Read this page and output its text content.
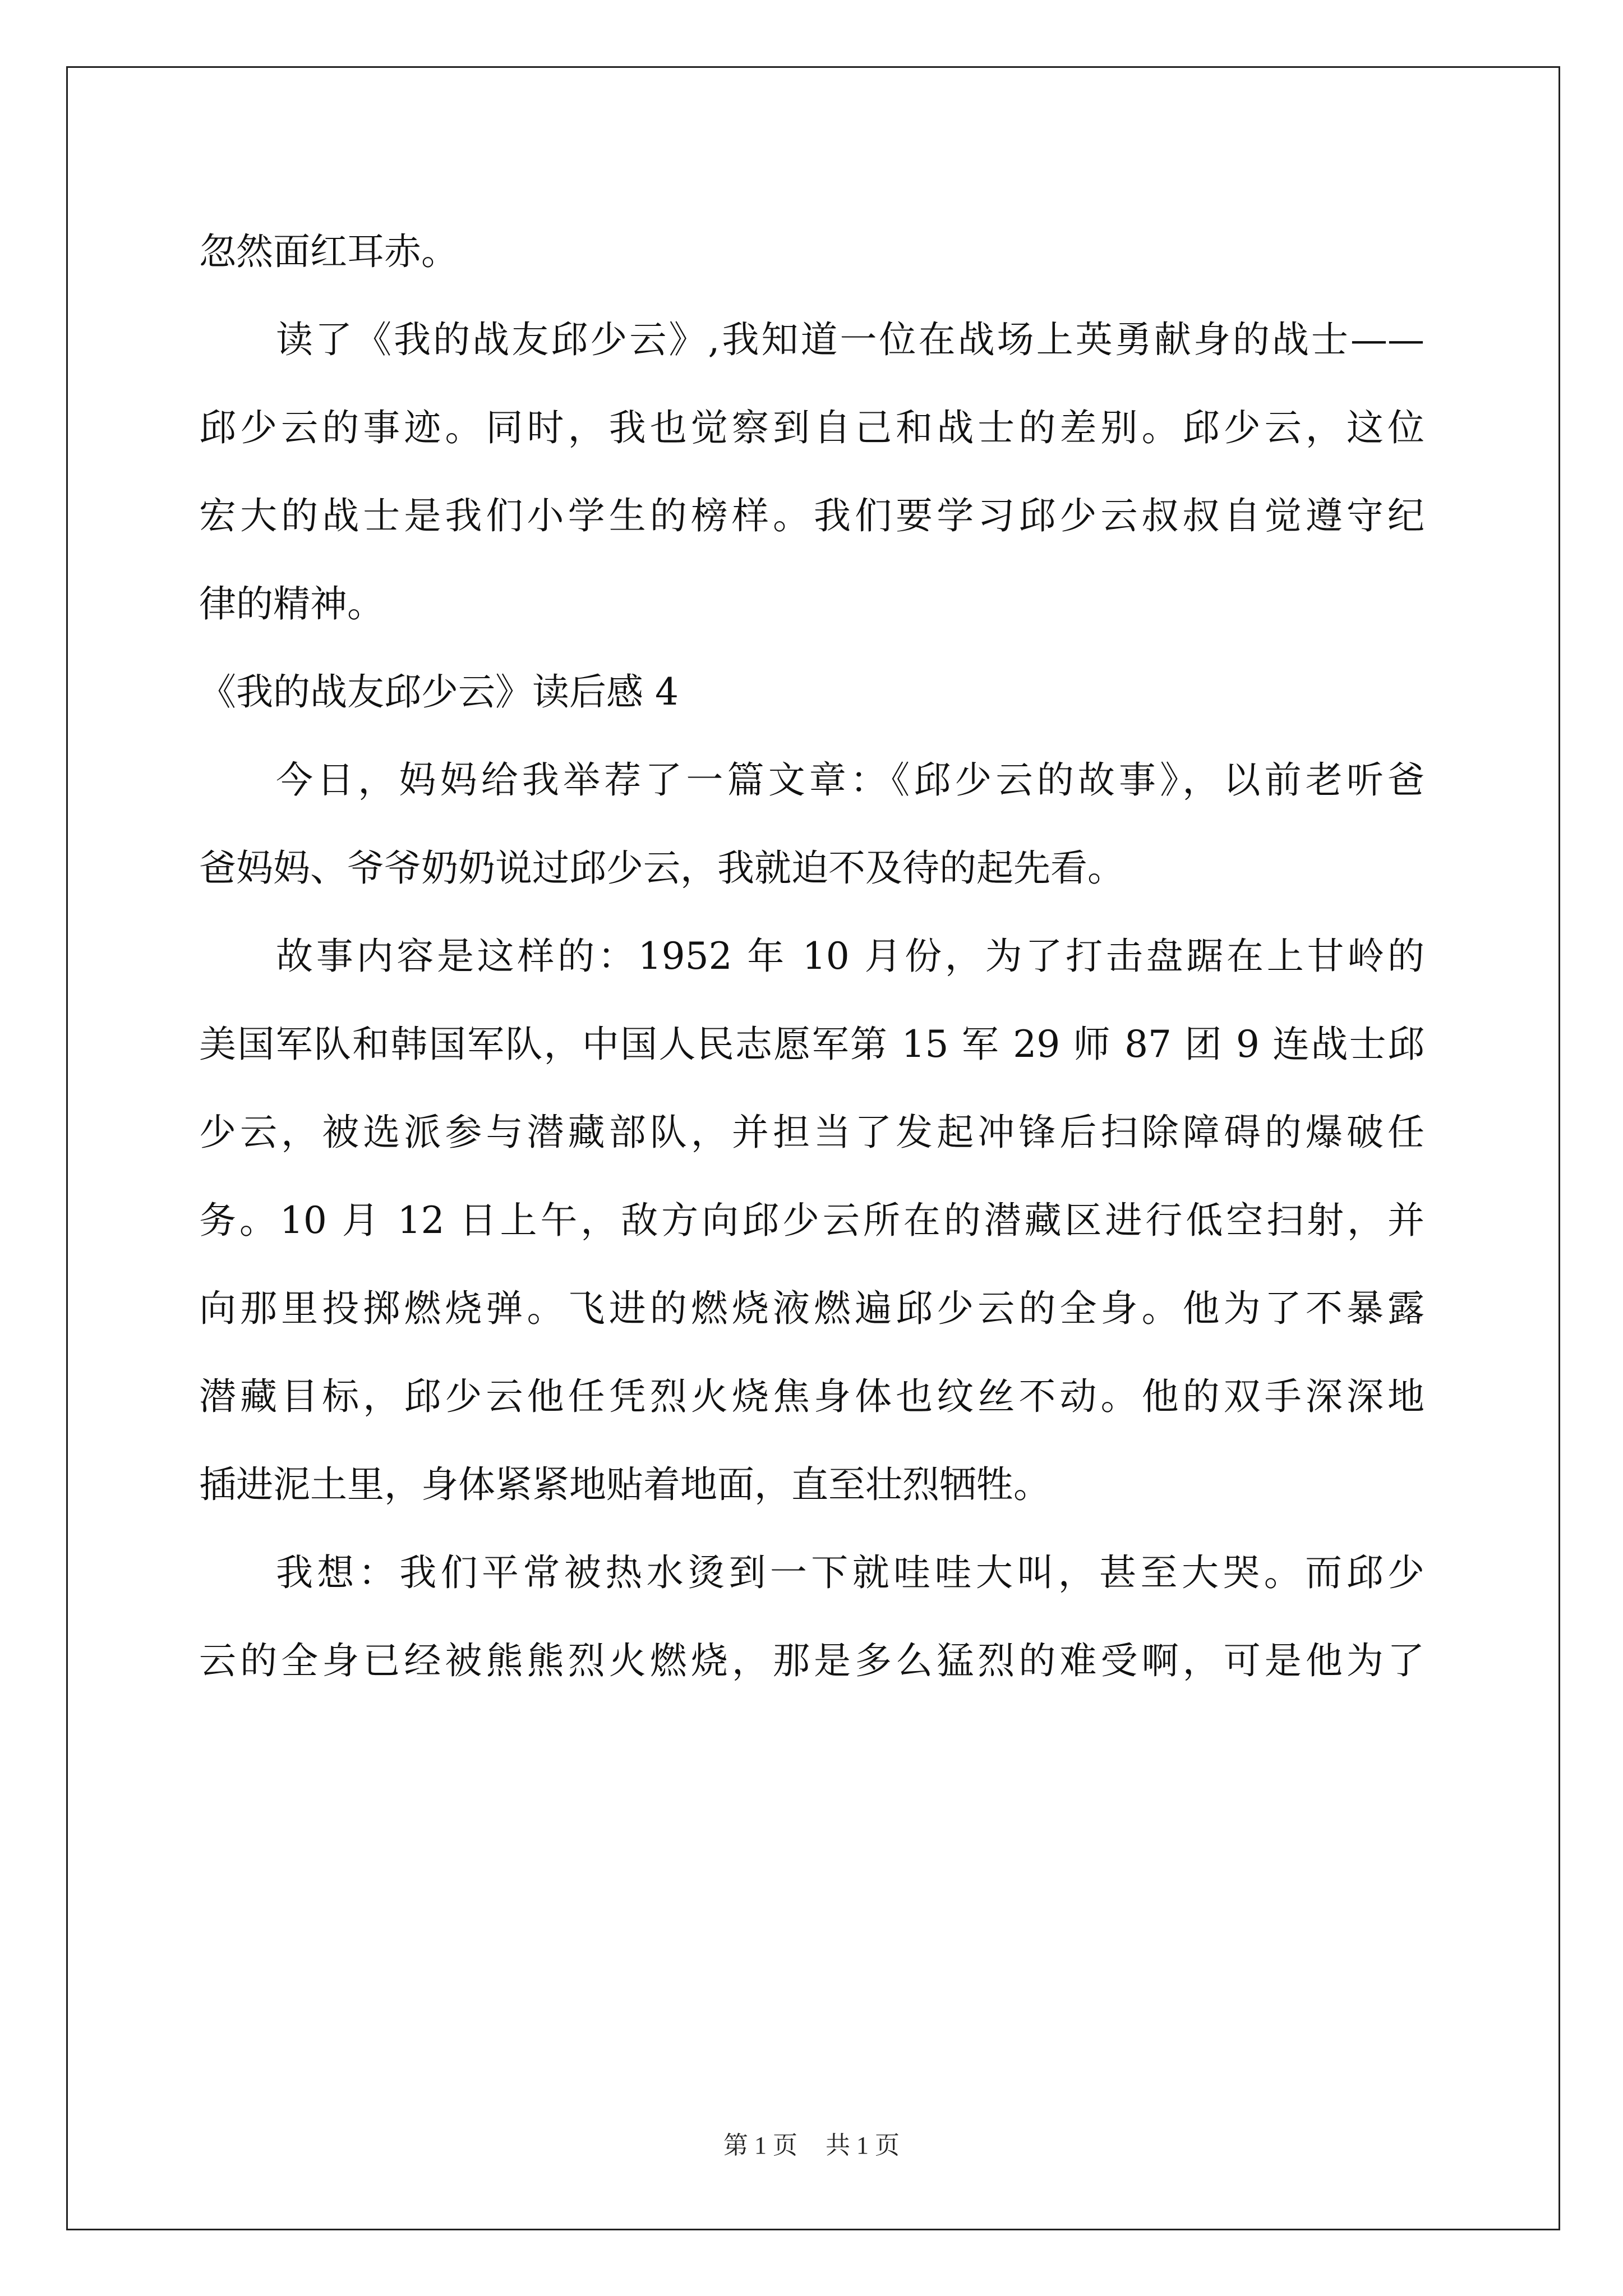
忽然面红耳赤。
读了《我的战友邱少云》,我知道一位在战场上英勇献身的战士——
邱少云的事迹。同时，我也觉察到自己和战士的差别。邱少云，这位
宏大的战士是我们小学生的榜样。我们要学习邱少云叔叔自觉遵守纪
律的精神。
《我的战友邱少云》读后感 4
今日，妈妈给我举荐了一篇文章：《邱少云的故事》，以前老听爸
爸妈妈、爷爷奶奶说过邱少云，我就迫不及待的起先看。
故事内容是这样的：1952 年 10 月份，为了打击盘踞在上甘岭的
美国军队和韩国军队，中国人民志愿军第 15 军 29 师 87 团 9 连战士邱
少云，被选派参与潜藏部队，并担当了发起冲锋后扫除障碍的爆破任
务。10 月 12 日上午，敌方向邱少云所在的潜藏区进行低空扫射，并
向那里投掷燃烧弹。飞进的燃烧液燃遍邱少云的全身。他为了不暴露
潜藏目标，邱少云他任凭烈火烧焦身体也纹丝不动。他的双手深深地
插进泥土里，身体紧紧地贴着地面，直至壮烈牺牲。
我想：我们平常被热水烫到一下就哇哇大叫，甚至大哭。而邱少
云的全身已经被熊熊烈火燃烧，那是多么猛烈的难受啊，可是他为了
第 1 页 共 1 页
